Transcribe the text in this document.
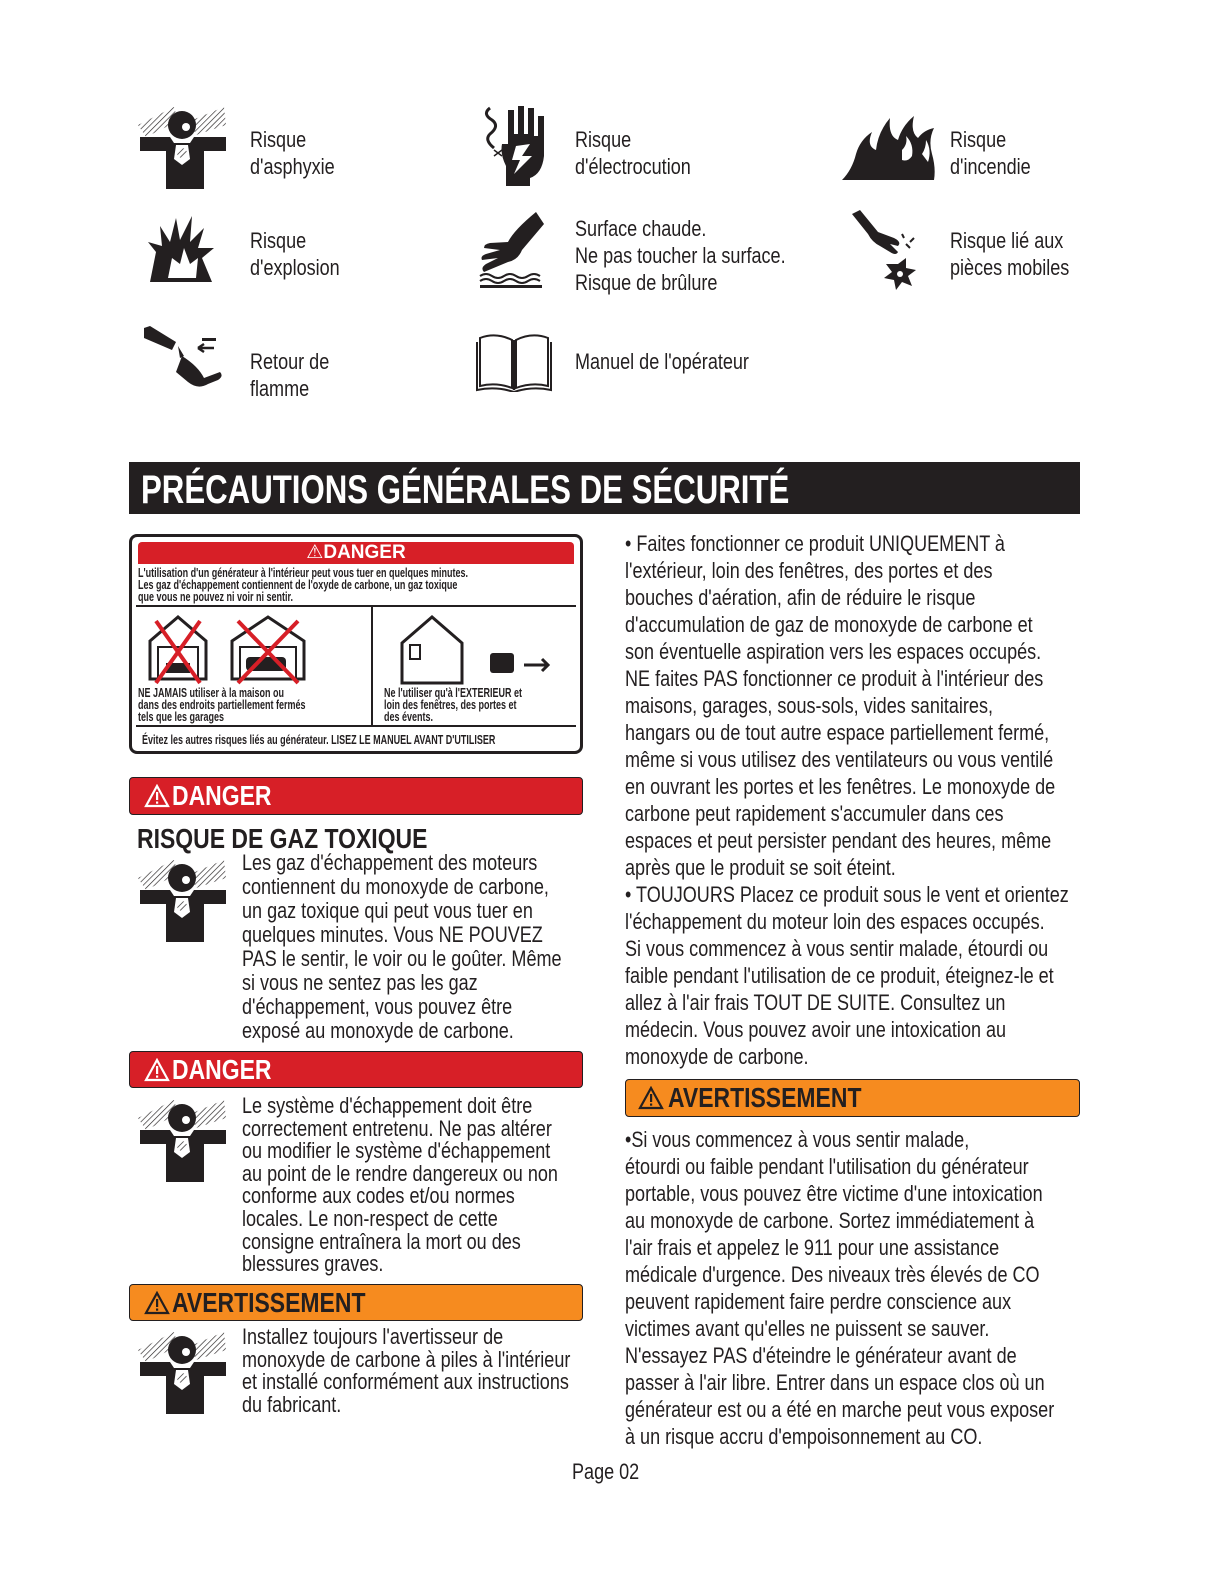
Risque
d'asphyxie
Risque
d'électrocution
Risque
d'incendie
Risque
d'explosion
Surface chaude.
Ne pas toucher la surface.
Risque de brûlure
Risque lié aux
pièces mobiles
Retour de
flamme
Manuel de l'opérateur
PRÉCAUTIONS GÉNÉRALES DE SÉCURITÉ
⚠DANGER
L'utilisation d'un générateur à l'intérieur peut vous tuer en quelques minutes.
Les gaz d'échappement contiennent de l'oxyde de carbone, un gaz toxique
que vous ne pouvez ni voir ni sentir.
NE JAMAIS utiliser à la maison ou
dans des endroits partiellement fermés
tels que les garages
Ne l'utiliser qu'à l'EXTERIEUR et
loin des fenêtres, des portes et
des évents.
Évitez les autres risques liés au générateur. LISEZ LE MANUEL AVANT D'UTILISER
DANGER
RISQUE DE GAZ TOXIQUE
Les gaz d'échappement des moteurs
contiennent du monoxyde de carbone,
un gaz toxique qui peut vous tuer en
quelques minutes. Vous NE POUVEZ
PAS le sentir, le voir ou le goûter. Même
si vous ne sentez pas les gaz
d'échappement, vous pouvez être
exposé au monoxyde de carbone.
DANGER
Le système d'échappement doit être
correctement entretenu. Ne pas altérer
ou modifier le système d'échappement
au point de le rendre dangereux ou non
conforme aux codes et/ou normes
locales. Le non-respect de cette
consigne entraînera la mort ou des
blessures graves.
AVERTISSEMENT
Installez toujours l'avertisseur de
monoxyde de carbone à piles à l'intérieur
et installé conformément aux instructions
du fabricant.
• Faites fonctionner ce produit UNIQUEMENT à
l'extérieur, loin des fenêtres, des portes et des
bouches d'aération, afin de réduire le risque
d'accumulation de gaz de monoxyde de carbone et
son éventuelle aspiration vers les espaces occupés.
NE faites PAS fonctionner ce produit à l'intérieur des
maisons, garages, sous-sols, vides sanitaires,
hangars ou de tout autre espace partiellement fermé,
même si vous utilisez des ventilateurs ou vous ventilé
en ouvrant les portes et les fenêtres. Le monoxyde de
carbone peut rapidement s'accumuler dans ces
espaces et peut persister pendant des heures, même
après que le produit se soit éteint.
• TOUJOURS Placez ce produit sous le vent et orientez
l'échappement du moteur loin des espaces occupés.
Si vous commencez à vous sentir malade, étourdi ou
faible pendant l'utilisation de ce produit, éteignez-le et
allez à l'air frais TOUT DE SUITE. Consultez un
médecin. Vous pouvez avoir une intoxication au
monoxyde de carbone.
AVERTISSEMENT
•Si vous commencez à vous sentir malade,
étourdi ou faible pendant l'utilisation du générateur
portable, vous pouvez être victime d'une intoxication
au monoxyde de carbone. Sortez immédiatement à
l'air frais et appelez le 911 pour une assistance
médicale d'urgence. Des niveaux très élevés de CO
peuvent rapidement faire perdre conscience aux
victimes avant qu'elles ne puissent se sauver.
N'essayez PAS d'éteindre le générateur avant de
passer à l'air libre. Entrer dans un espace clos où un
générateur est ou a été en marche peut vous exposer
à un risque accru d'empoisonnement au CO.
Page 02
